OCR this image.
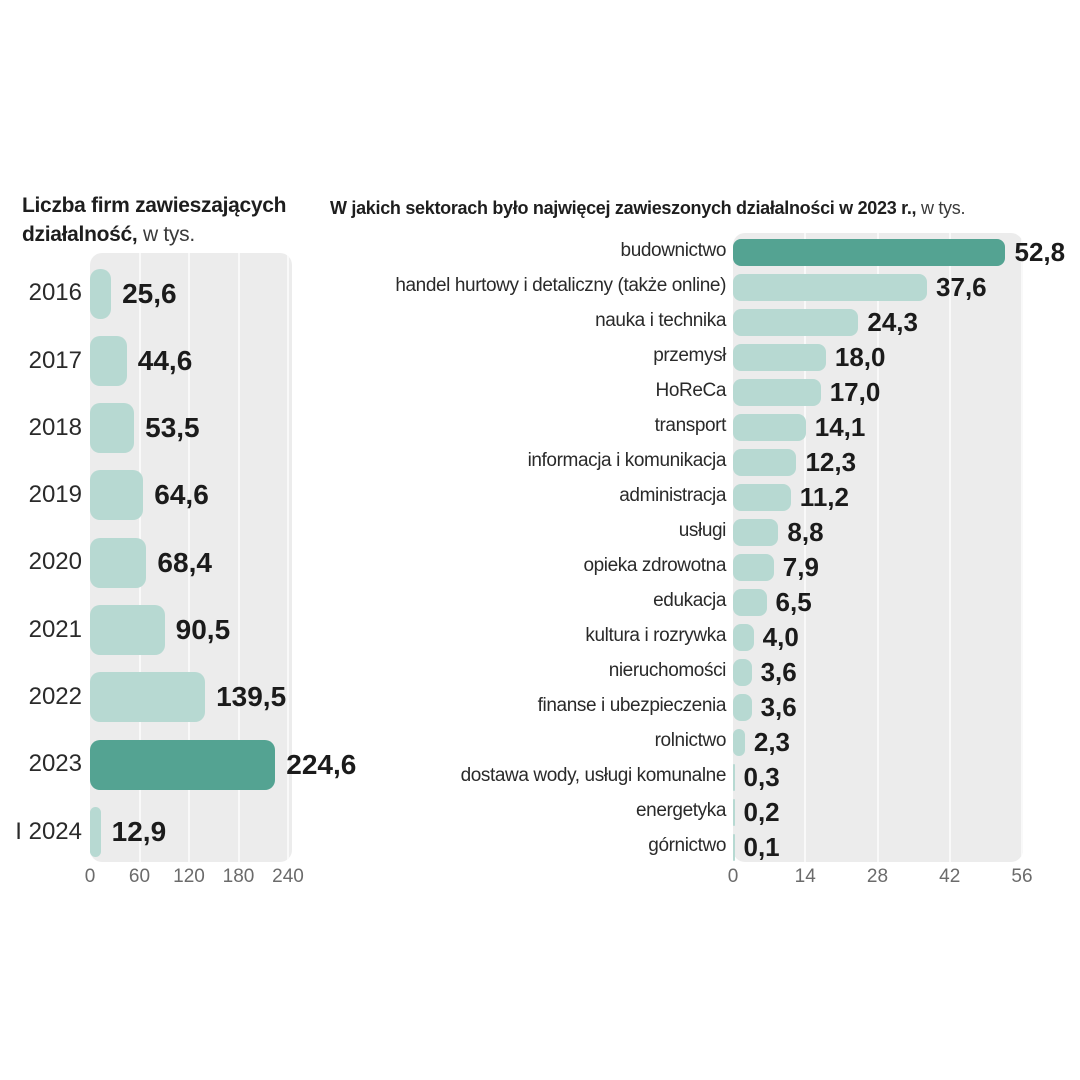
Liczba firm zawieszających działalność, w tys.
2016 25,6
2017 44,6
2018 53,5
2019	64,6
2020	68,4
2021	90,5
2022	139,5
2023	224,6
I 2024 12,9
0	60	120 180 240
W jakich sektorach było najwięcej zawieszonych działalności w 2023 r., w tys.
budownictwo	52,8
handel hurtowy i detaliczny (także online)	37,6
nauka i technika	24,3
przemysł	18,0
HoReCa	17,0
transport	14,1
informacja i komunikacja	12,3
administracja	11,2
usługi 8,8
opieka zdrowotna 7,9
edukacja 6,5
kultura i rozrywka 4,0
nieruchomości 3,6
finanse i ubezpieczenia 3,6
rolnictwo 2,3
dostawa wody, usługi komunalne 0,3
energetyka 0,2
górnictwo 0,1
0	14	28	42	56
